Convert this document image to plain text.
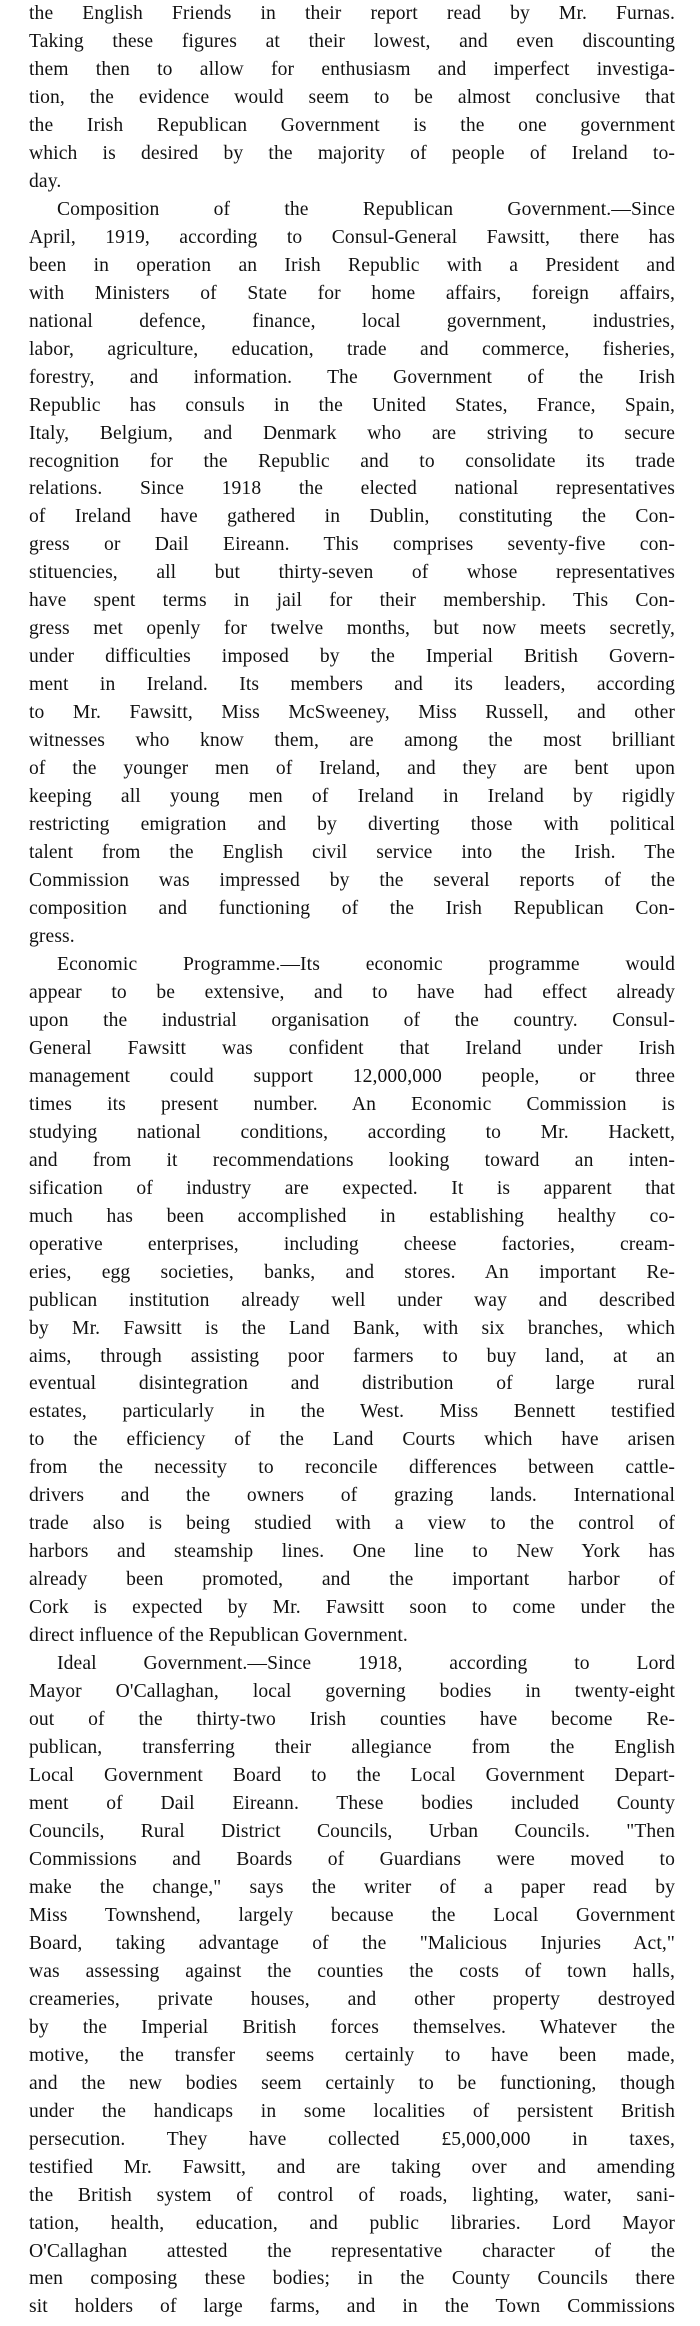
the English Friends in their report read by Mr. Furnas.
Taking these figures at their lowest, and even discounting
them then to allow for enthusiasm and imperfect investiga-
tion, the evidence would seem to be almost conclusive that
the Irish Republican Government is the one government
which is desired by the majority of people of Ireland to-
day.
Composition of the Republican Government.—Since
April, 1919, according to Consul-General Fawsitt, there has
been in operation an Irish Republic with a President and
with Ministers of State for home affairs, foreign affairs,
national defence, finance, local government, industries,
labor, agriculture, education, trade and commerce, fisheries,
forestry, and information. The Government of the Irish
Republic has consuls in the United States, France, Spain,
Italy, Belgium, and Denmark who are striving to secure
recognition for the Republic and to consolidate its trade
relations. Since 1918 the elected national representatives
of Ireland have gathered in Dublin, constituting the Con-
gress or Dail Eireann. This comprises seventy-five con-
stituencies, all but thirty-seven of whose representatives
have spent terms in jail for their membership. This Con-
gress met openly for twelve months, but now meets secretly,
under difficulties imposed by the Imperial British Govern-
ment in Ireland. Its members and its leaders, according
to Mr. Fawsitt, Miss McSweeney, Miss Russell, and other
witnesses who know them, are among the most brilliant
of the younger men of Ireland, and they are bent upon
keeping all young men of Ireland in Ireland by rigidly
restricting emigration and by diverting those with political
talent from the English civil service into the Irish. The
Commission was impressed by the several reports of the
composition and functioning of the Irish Republican Con-
gress.
Economic Programme.—Its economic programme would
appear to be extensive, and to have had effect already
upon the industrial organisation of the country. Consul-
General Fawsitt was confident that Ireland under Irish
management could support 12,000,000 people, or three
times its present number. An Economic Commission is
studying national conditions, according to Mr. Hackett,
and from it recommendations looking toward an inten-
sification of industry are expected. It is apparent that
much has been accomplished in establishing healthy co-
operative enterprises, including cheese factories, cream-
eries, egg societies, banks, and stores. An important Re-
publican institution already well under way and described
by Mr. Fawsitt is the Land Bank, with six branches, which
aims, through assisting poor farmers to buy land, at an
eventual disintegration and distribution of large rural
estates, particularly in the West. Miss Bennett testified
to the efficiency of the Land Courts which have arisen
from the necessity to reconcile differences between cattle-
drivers and the owners of grazing lands. International
trade also is being studied with a view to the control of
harbors and steamship lines. One line to New York has
already been promoted, and the important harbor of
Cork is expected by Mr. Fawsitt soon to come under the
direct influence of the Republican Government.
Ideal Government.—Since 1918, according to Lord
Mayor O'Callaghan, local governing bodies in twenty-eight
out of the thirty-two Irish counties have become Re-
publican, transferring their allegiance from the English
Local Government Board to the Local Government Depart-
ment of Dail Eireann. These bodies included County
Councils, Rural District Councils, Urban Councils. "Then
Commissions and Boards of Guardians were moved to
make the change," says the writer of a paper read by
Miss Townshend, largely because the Local Government
Board, taking advantage of the "Malicious Injuries Act,"
was assessing against the counties the costs of town halls,
creameries, private houses, and other property destroyed
by the Imperial British forces themselves. Whatever the
motive, the transfer seems certainly to have been made,
and the new bodies seem certainly to be functioning, though
under the handicaps in some localities of persistent British
persecution. They have collected £5,000,000 in taxes,
testified Mr. Fawsitt, and are taking over and amending
the British system of control of roads, lighting, water, sani-
tation, health, education, and public libraries. Lord Mayor
O'Callaghan attested the representative character of the
men composing these bodies; in the County Councils there
sit holders of large farms, and in the Town Commissions
